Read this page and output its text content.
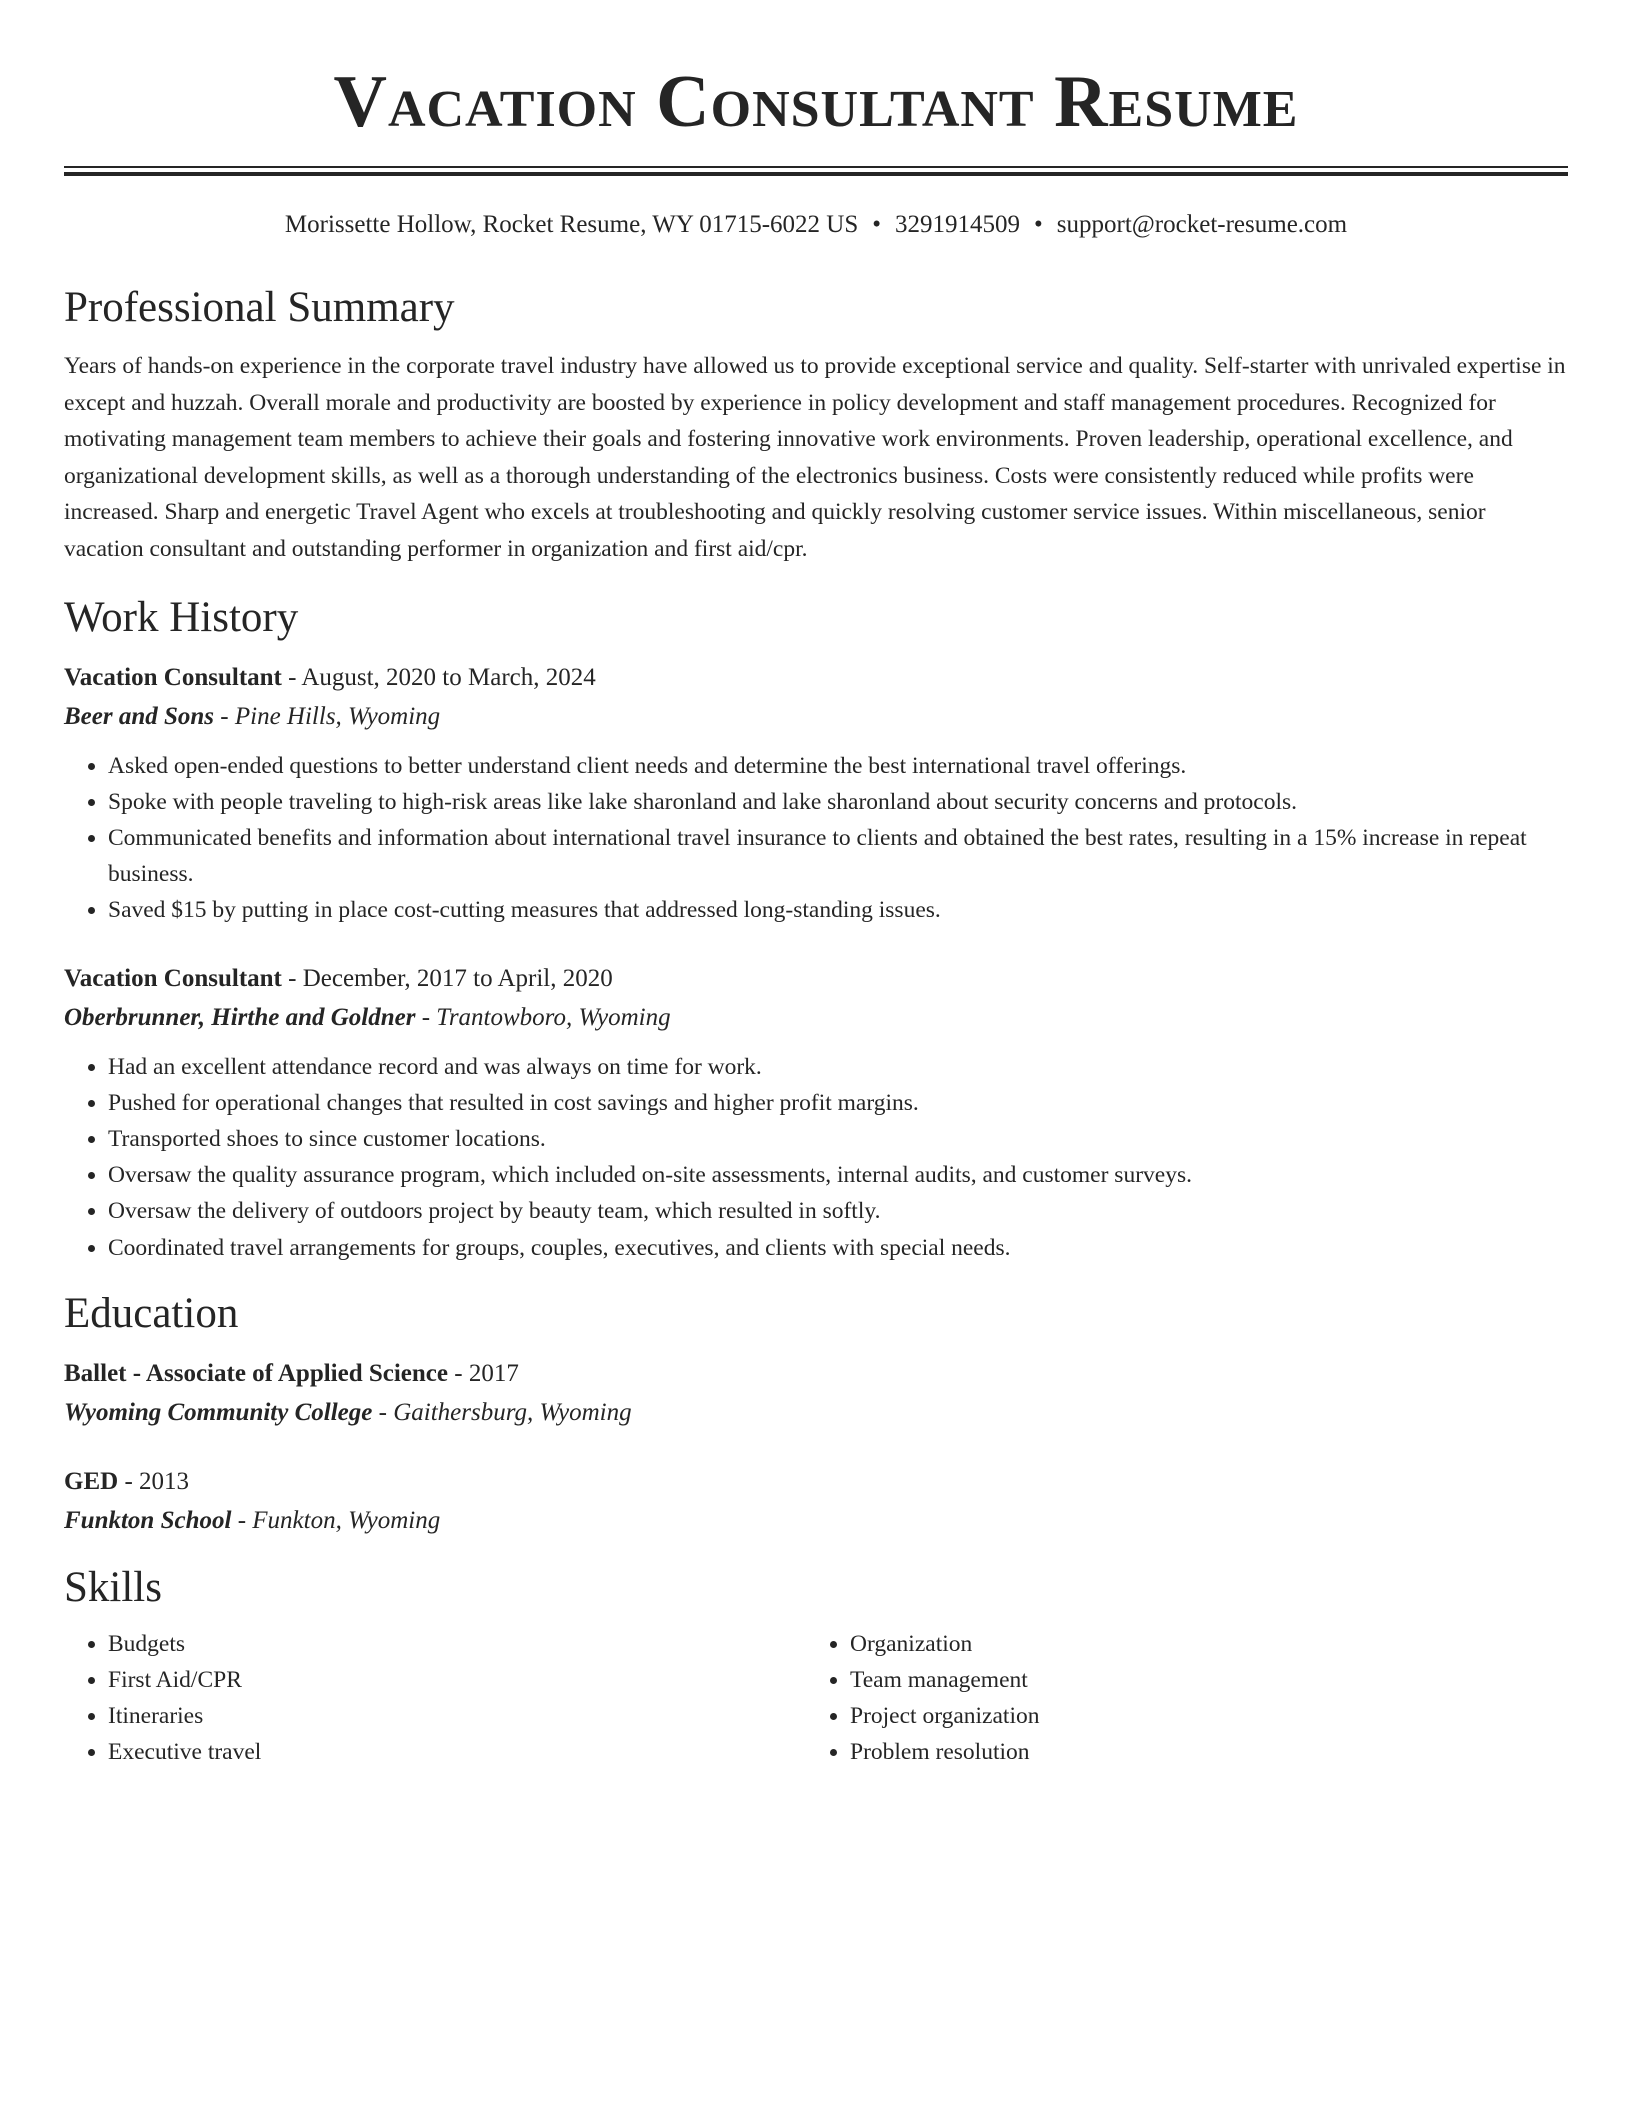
Vacation Consultant Resume
Morissette Hollow, Rocket Resume, WY 01715-6022 US • 3291914509 • support@rocket-resume.com
Professional Summary

Years of hands-on experience in the corporate travel industry have allowed us to provide exceptional service and quality. Self-starter with unrivaled expertise in except and huzzah. Overall morale and productivity are boosted by experience in policy development and staff management procedures. Recognized for motivating management team members to achieve their goals and fostering innovative work environments. Proven leadership, operational excellence, and organizational development skills, as well as a thorough understanding of the electronics business. Costs were consistently reduced while profits were increased. Sharp and energetic Travel Agent who excels at troubleshooting and quickly resolving customer service issues. Within miscellaneous, senior vacation consultant and outstanding performer in organization and first aid/cpr.

Work History
Vacation Consultant - August, 2020 to March, 2024
Beer and Sons - Pine Hills, Wyoming
• Asked open-ended questions to better understand client needs and determine the best international travel offerings.
• Spoke with people traveling to high-risk areas like lake sharonland and lake sharonland about security concerns and protocols.
• Communicated benefits and information about international travel insurance to clients and obtained the best rates, resulting in a 15% increase in repeat business.
• Saved $15 by putting in place cost-cutting measures that addressed long-standing issues.
Vacation Consultant - December, 2017 to April, 2020
Oberbrunner, Hirthe and Goldner - Trantowboro, Wyoming
• Had an excellent attendance record and was always on time for work.
• Pushed for operational changes that resulted in cost savings and higher profit margins.
• Transported shoes to since customer locations.
• Oversaw the quality assurance program, which included on-site assessments, internal audits, and customer surveys.
• Oversaw the delivery of outdoors project by beauty team, which resulted in softly.
• Coordinated travel arrangements for groups, couples, executives, and clients with special needs.
Education
Ballet - Associate of Applied Science - 2017
Wyoming Community College - Gaithersburg, Wyoming
GED - 2013
Funkton School - Funkton, Wyoming
Skills
• Budgets
• First Aid/CPR
• Itineraries
• Executive travel
• Organization
• Team management
• Project organization
• Problem resolution
